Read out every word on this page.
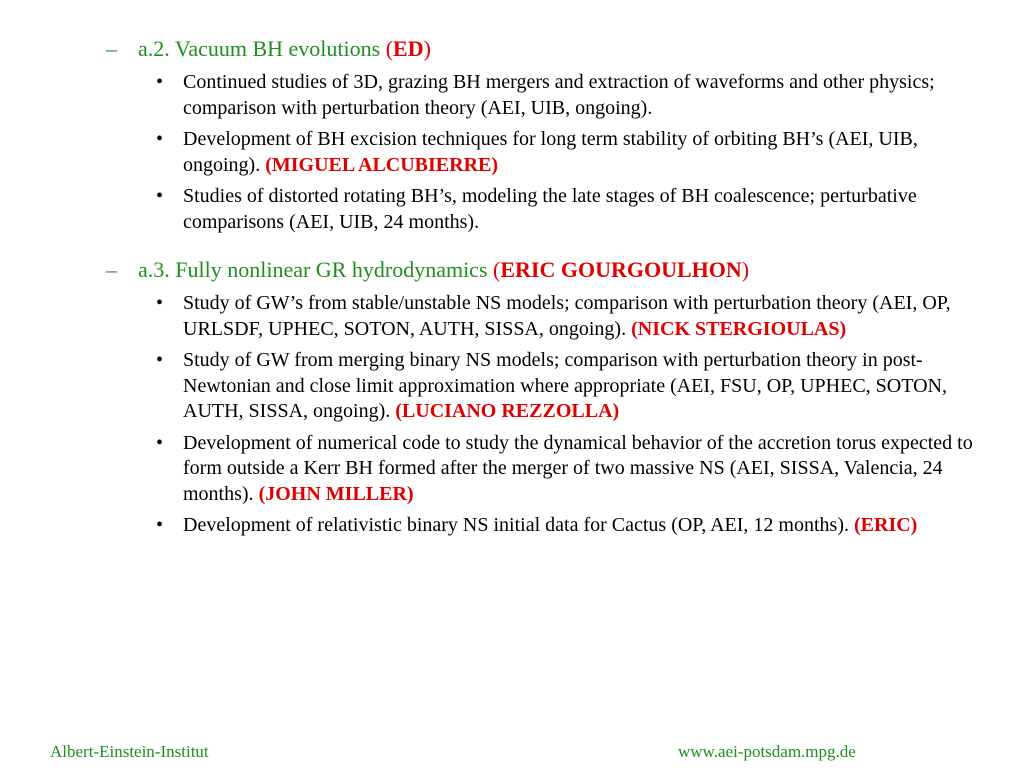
– a.2. Vacuum BH evolutions (ED)
• Continued studies of 3D, grazing BH mergers and extraction of waveforms and other physics; comparison with perturbation theory (AEI, UIB, ongoing).
• Development of BH excision techniques for long term stability of orbiting BH’s (AEI, UIB, ongoing). (MIGUEL ALCUBIERRE)
• Studies of distorted rotating BH’s, modeling the late stages of BH coalescence; perturbative comparisons (AEI, UIB, 24 months).
– a.3. Fully nonlinear GR hydrodynamics (ERIC GOURGOULHON)
• Study of GW’s from stable/unstable NS models; comparison with perturbation theory (AEI, OP, URLSDF, UPHEC, SOTON, AUTH, SISSA, ongoing). (NICK STERGIOULAS)
• Study of GW from merging binary NS models; comparison with perturbation theory in post-Newtonian and close limit approximation where appropriate (AEI, FSU, OP, UPHEC, SOTON, AUTH, SISSA, ongoing). (LUCIANO REZZOLLA)
• Development of numerical code to study the dynamical behavior of the accretion torus expected to form outside a Kerr BH formed after the merger of two massive NS (AEI, SISSA, Valencia, 24 months). (JOHN MILLER)
• Development of relativistic binary NS initial data for Cactus (OP, AEI, 12 months). (ERIC)
Albert-Einstein-Institut	www.aei-potsdam.mpg.de
